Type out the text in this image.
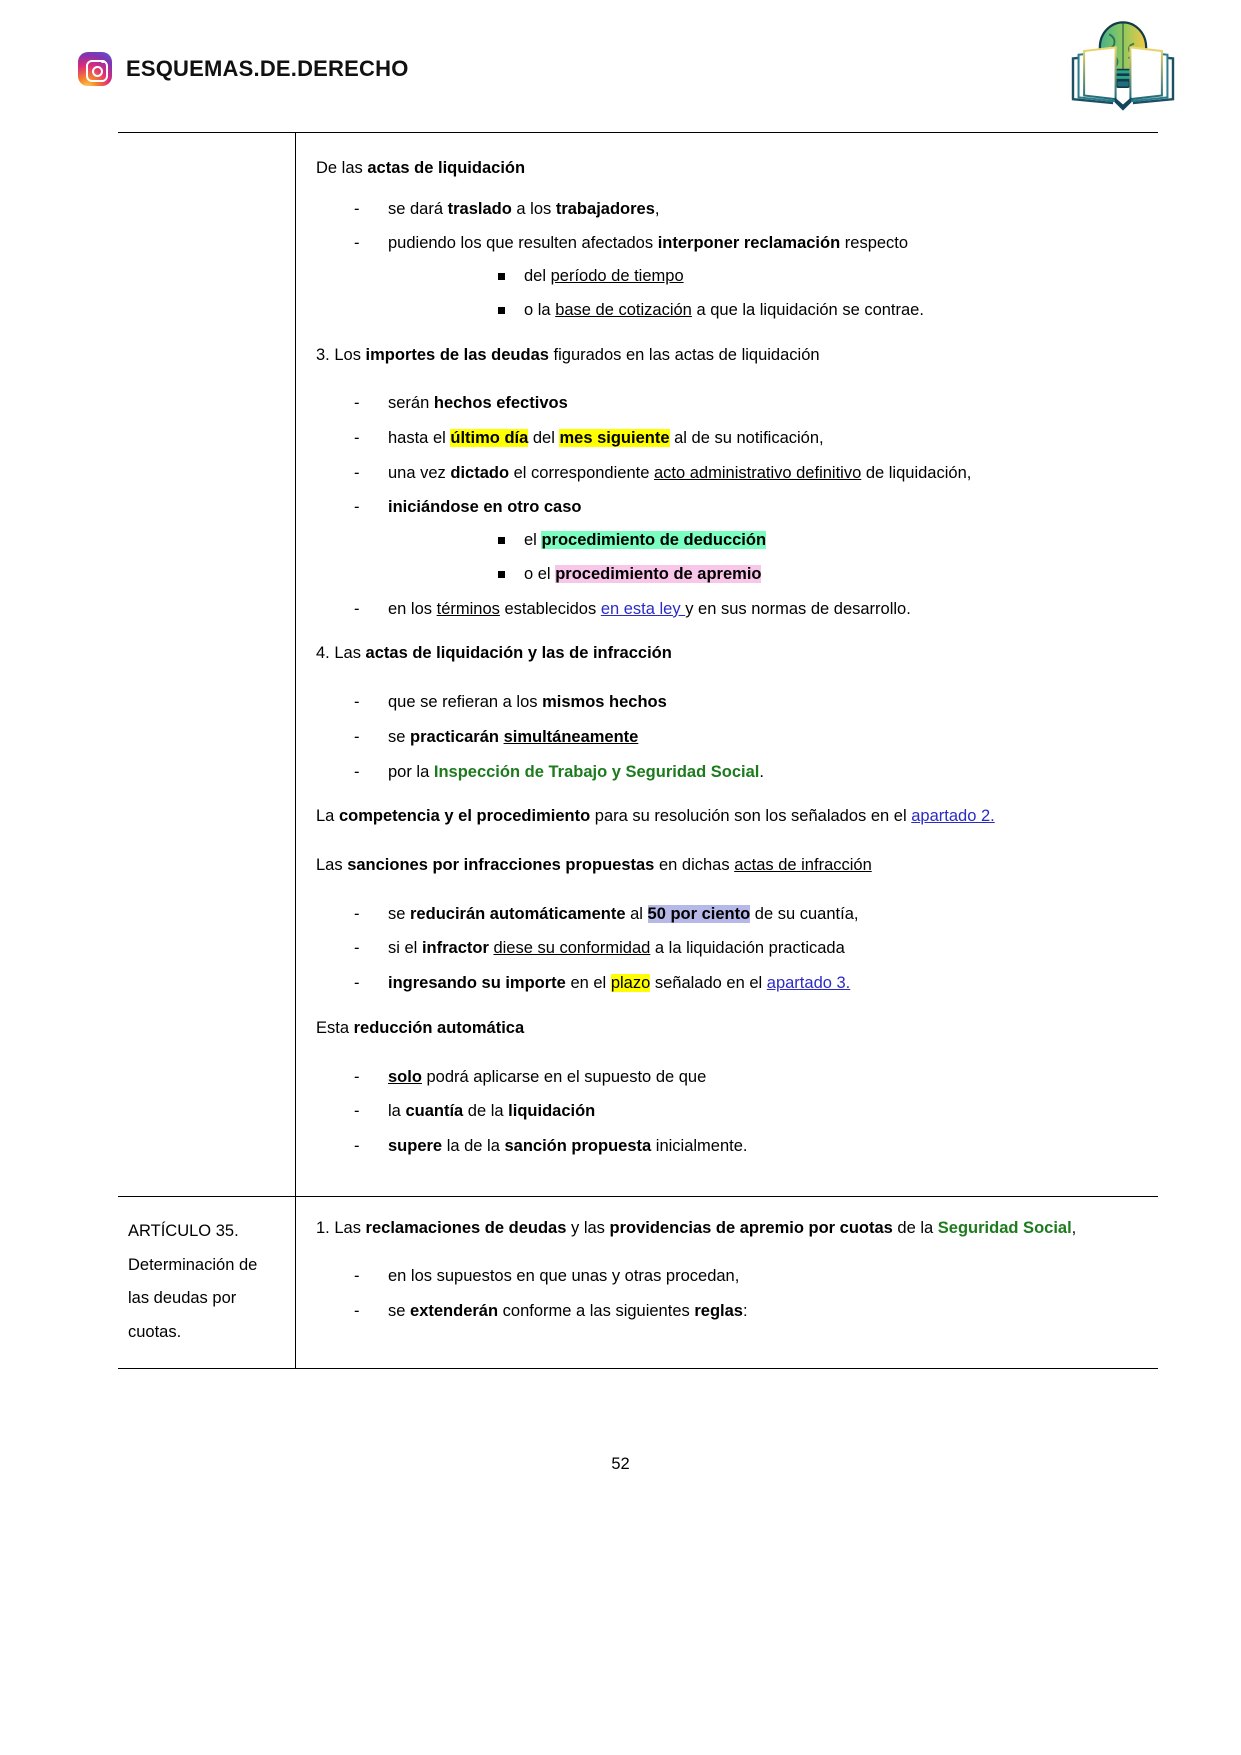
ESQUEMAS.DE.DERECHO

De las actas de liquidación

- se dará traslado a los trabajadores,
- pudiendo los que resulten afectados interponer reclamación respecto
del período de tiempo
o la base de cotización a que la liquidación se contrae.

3. Los importes de las deudas figurados en las actas de liquidación

- serán hechos efectivos
- hasta el último día del mes siguiente al de su notificación,
- una vez dictado el correspondiente acto administrativo definitivo de liquidación,
- iniciándose en otro caso
el procedimiento de deducción
o el procedimiento de apremio
- en los términos establecidos en esta ley y en sus normas de desarrollo.

4. Las actas de liquidación y las de infracción

- que se refieran a los mismos hechos
- se practicarán simultáneamente
- por la Inspección de Trabajo y Seguridad Social.

La competencia y el procedimiento para su resolución son los señalados en el apartado 2.

Las sanciones por infracciones propuestas en dichas actas de infracción

- se reducirán automáticamente al 50 por ciento de su cuantía,
- si el infractor diese su conformidad a la liquidación practicada
- ingresando su importe en el plazo señalado en el apartado 3.

Esta reducción automática

- solo podrá aplicarse en el supuesto de que
- la cuantía de la liquidación
- supere la de la sanción propuesta inicialmente.
ARTÍCULO 35.
Determinación de
las deudas por
cuotas.

1. Las reclamaciones de deudas y las providencias de apremio por cuotas de la Seguridad Social,

- en los supuestos en que unas y otras procedan,
- se extenderán conforme a las siguientes reglas:
52
